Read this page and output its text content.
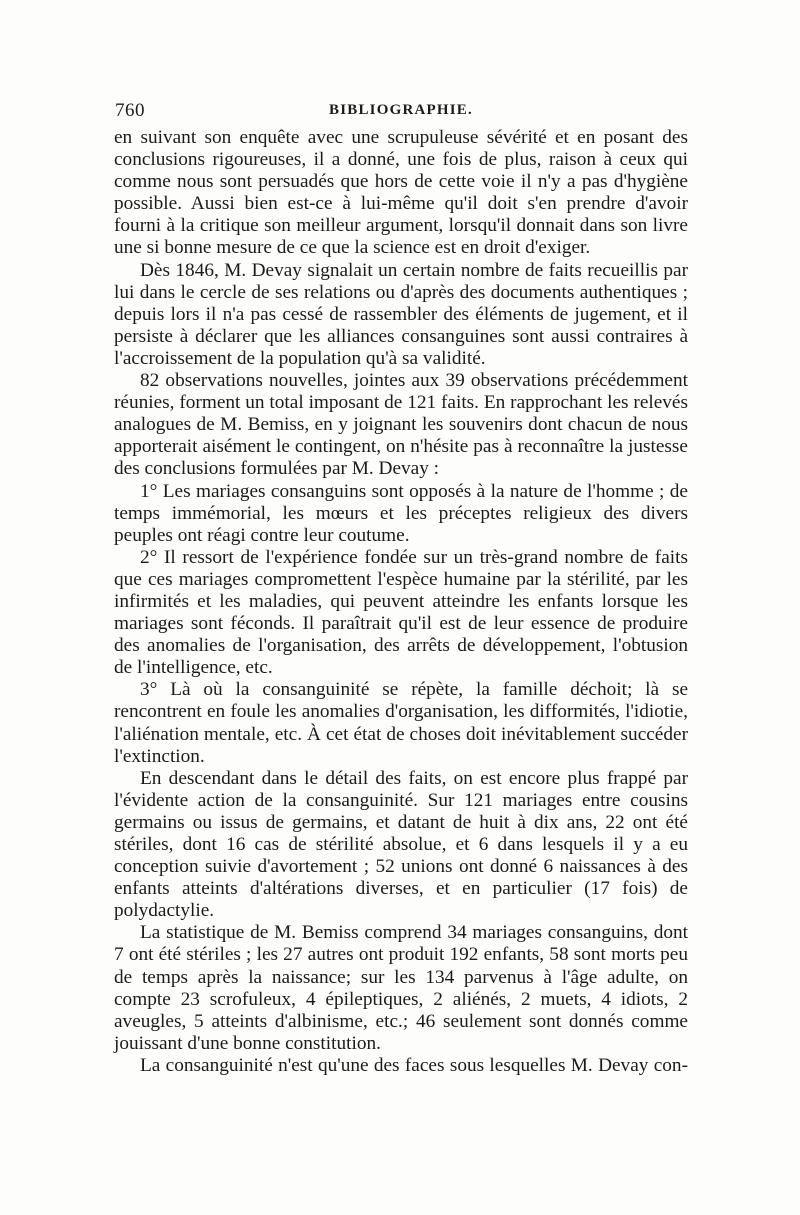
760	BIBLIOGRAPHIE.

en suivant son enquête avec une scrupuleuse sévérité et en posant des conclusions rigoureuses, il a donné, une fois de plus, raison à ceux qui comme nous sont persuadés que hors de cette voie il n'y a pas d'hygiène possible. Aussi bien est-ce à lui-même qu'il doit s'en prendre d'avoir fourni à la critique son meilleur argument, lorsqu'il donnait dans son livre une si bonne mesure de ce que la science est en droit d'exiger.

Dès 1846, M. Devay signalait un certain nombre de faits recueillis par lui dans le cercle de ses relations ou d'après des documents authentiques ; depuis lors il n'a pas cessé de rassembler des éléments de jugement, et il persiste à déclarer que les alliances consanguines sont aussi contraires à l'accroissement de la population qu'à sa validité.

82 observations nouvelles, jointes aux 39 observations précédemment réunies, forment un total imposant de 121 faits. En rapprochant les relevés analogues de M. Bemiss, en y joignant les souvenirs dont chacun de nous apporterait aisément le contingent, on n'hésite pas à reconnaître la justesse des conclusions formulées par M. Devay :

1° Les mariages consanguins sont opposés à la nature de l'homme ; de temps immémorial, les mœurs et les préceptes religieux des divers peuples ont réagi contre leur coutume.

2° Il ressort de l'expérience fondée sur un très-grand nombre de faits que ces mariages compromettent l'espèce humaine par la stérilité, par les infirmités et les maladies, qui peuvent atteindre les enfants lorsque les mariages sont féconds. Il paraîtrait qu'il est de leur essence de produire des anomalies de l'organisation, des arrêts de développement, l'obtusion de l'intelligence, etc.

3° Là où la consanguinité se répète, la famille déchoit; là se rencontrent en foule les anomalies d'organisation, les difformités, l'idiotie, l'aliénation mentale, etc. À cet état de choses doit inévitablement succéder l'extinction.

En descendant dans le détail des faits, on est encore plus frappé par l'évidente action de la consanguinité. Sur 121 mariages entre cousins germains ou issus de germains, et datant de huit à dix ans, 22 ont été stériles, dont 16 cas de stérilité absolue, et 6 dans lesquels il y a eu conception suivie d'avortement ; 52 unions ont donné 6 naissances à des enfants atteints d'altérations diverses, et en particulier (17 fois) de polydactylie.

La statistique de M. Bemiss comprend 34 mariages consanguins, dont 7 ont été stériles ; les 27 autres ont produit 192 enfants, 58 sont morts peu de temps après la naissance; sur les 134 parvenus à l'âge adulte, on compte 23 scrofuleux, 4 épileptiques, 2 aliénés, 2 muets, 4 idiots, 2 aveugles, 5 atteints d'albinisme, etc.; 46 seulement sont donnés comme jouissant d'une bonne constitution.

La consanguinité n'est qu'une des faces sous lesquelles M. Devay con-
